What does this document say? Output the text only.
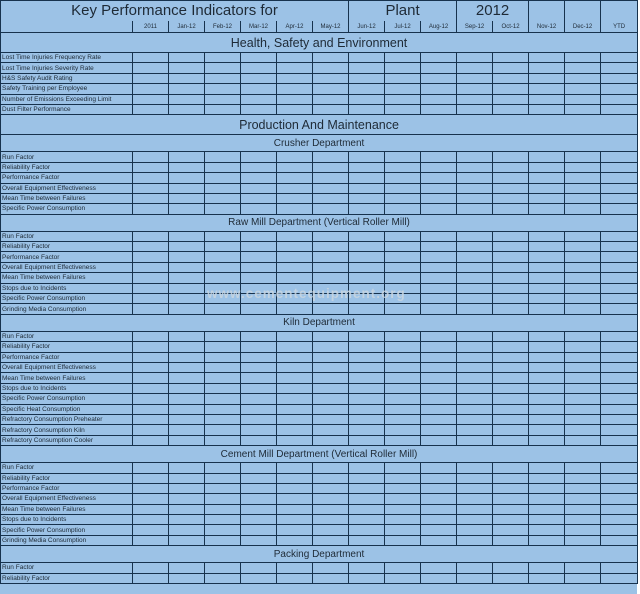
Key Performance Indicators for							Plant			2012				
	2011	Jan-12	Feb-12	Mar-12	Apr-12	May-12	Jun-12	Jul-12	Aug-12	Sep-12	Oct-12	Nov-12	Dec-12	YTD
Health, Safety and Environment														
Lost Time Injuries Frequency Rate														
Lost Time Injuries Severity Rate														
H&S Safety Audit Rating														
Safety Training per Employee														
Number of Emissions Exceeding Limit														
Dust Filter Performance														
Production And Maintenance														
Crusher Department														
Run Factor														
Reliability Factor														
Performance Factor														
Overall Equipment Effectiveness														
Mean Time between Failures														
Specific Power Consumption														
Raw Mill Department (Vertical Roller Mill)														
Run Factor														
Reliability Factor														
Performance Factor														
Overall Equipment Effectiveness														
Mean Time between Failures														
Stops due to Incidents														
Specific Power Consumption														
Grinding Media Consumption														
Kiln Department														
Run Factor														
Reliability Factor														
Performance Factor														
Overall Equipment Effectiveness														
Mean Time between Failures														
Stops due to Incidents														
Specific Power Consumption														
Specific Heat Consumption														
Refractory Consumption Preheater														
Refractory Consumption Kiln														
Refractory Consumption Cooler														
Cement Mill Department (Vertical Roller Mill)														
Run Factor														
Reliability Factor														
Performance Factor														
Overall Equipment Effectiveness														
Mean Time between Failures														
Stops due to Incidents														
Specific Power Consumption														
Grinding Media Consumption														
Packing Department														
Run Factor														
Reliability Factor														
www.cementequipment.org
